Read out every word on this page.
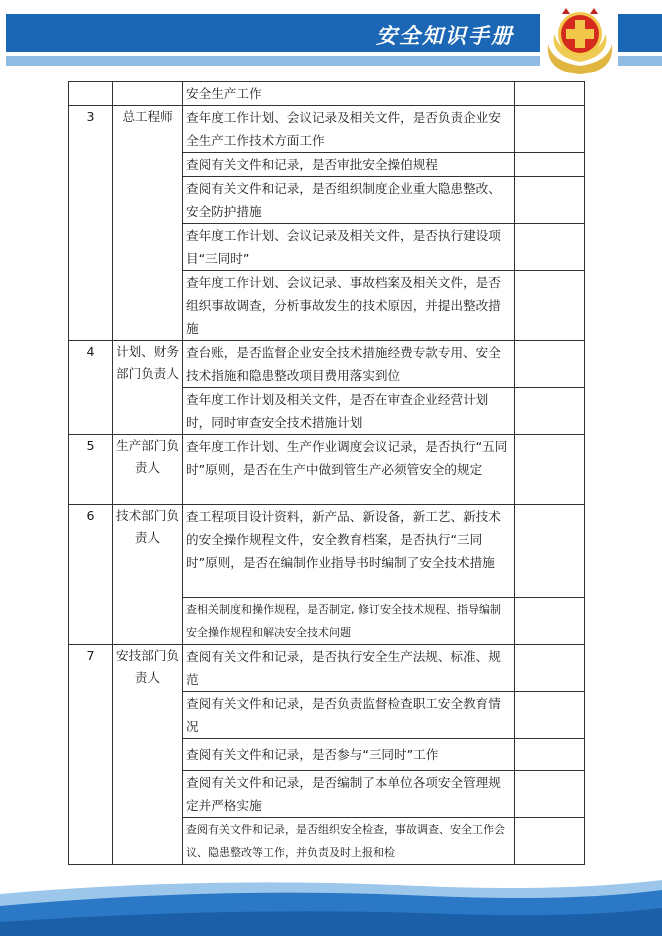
安全知识手册
		安全生产工作	
3	总工程师	查年度工作计划、会议记录及相关文件，是否负责企业安全生产工作技术方面工作	
		查阅有关文件和记录，是否审批安全操伯规程	
		查阅有关文件和记录，是否组织制度企业重大隐患整改、安全防护措施	
		查年度工作计划、会议记录及相关文件，是否执行建设项目“三同时”	
		查年度工作计划、会议记录、事故档案及相关文件，是否组织事故调查，分析事故发生的技术原因，并提出整改措施	
4	计划、财务部门负责人	查台账，是否监督企业安全技术措施经费专款专用、安全技术指施和隐患整改项目费用落实到位	
		查年度工作计划及相关文件，是否在审查企业经营计划时，同时审查安全技术措施计划	
5	生产部门负责人	查年度工作计划、生产作业调度会议记录，是否执行“五同时”原则，是否在生产中做到管生产必须管安全的规定	
6	技术部门负责人	查工程项目设计资料，新产品、新设备，新工艺、新技术的安全操作规程文件，安全教育档案，是否执行“三同时”原则，是否在编制作业指导书时编制了安全技术措施	
		查相关制度和操作规程，是否制定, 修订安全技术规程、指导编制安全操作规程和解决安全技术问题	
7	安技部门负责人	查阅有关文件和记录，是否执行安全生产法规、标准、规范	
		查阅有关文件和记录，是否负责监督检查职工安全教育情况	
		查阅有关文件和记录，是否参与“三同时”工作	
		查阅有关文件和记录，是否编制了本单位各项安全管理规定并严格实施	
		查阅有关文件和记录，是否组织安全检查，事故调查、安全工作会议、隐患整改等工作，并负责及时上报和检	
